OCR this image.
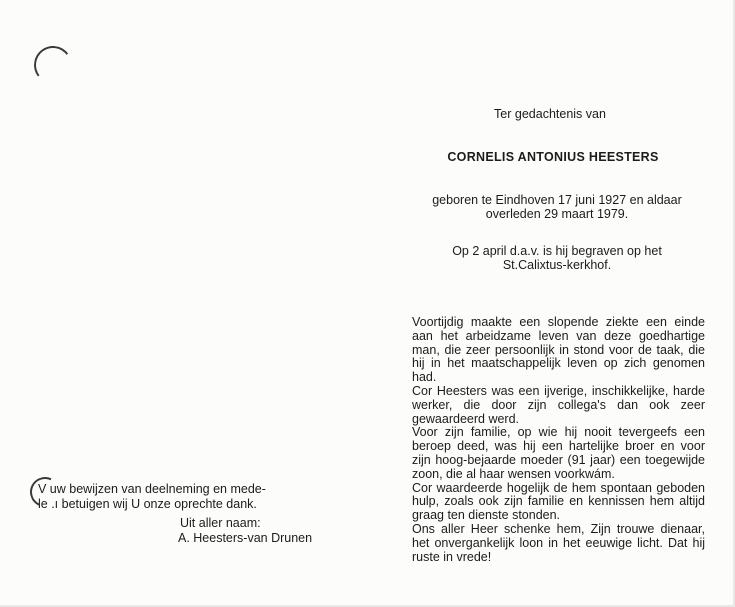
Ter gedachtenis van
CORNELIS ANTONIUS HEESTERS
geboren te Eindhoven 17 juni 1927 en aldaar
overleden 29 maart 1979.
Op 2 april d.a.v. is hij begraven op het
St.Calixtus-kerkhof.

Voortijdig maakte een slopende ziekte een einde aan het arbeidzame leven van deze goedhartige man, die zeer persoonlijk in stond voor de taak, die hij in het maatschappelijk leven op zich genomen had.

Cor Heesters was een ijverige, inschikkelijke, harde werker, die door zijn collega's dan ook zeer gewaardeerd werd.

Voor zijn familie, op wie hij nooit tevergeefs een beroep deed, was hij een hartelijke broer en voor zijn hoog-bejaarde moeder (91 jaar) een toegewijde zoon, die al haar wensen voorkwám.

Cor waardeerde hogelijk de hem spontaan geboden hulp, zoals ook zijn familie en kennissen hem altijd graag ten dienste stonden.

Ons aller Heer schenke hem, Zijn trouwe dienaar, het onvergankelijk loon in het eeuwige licht. Dat hij ruste in vrede!

V uw bewijzen van deelneming en mede-

le .ı betuigen wij U onze oprechte dank.

Uit aller naam:
A. Heesters-van Drunen
